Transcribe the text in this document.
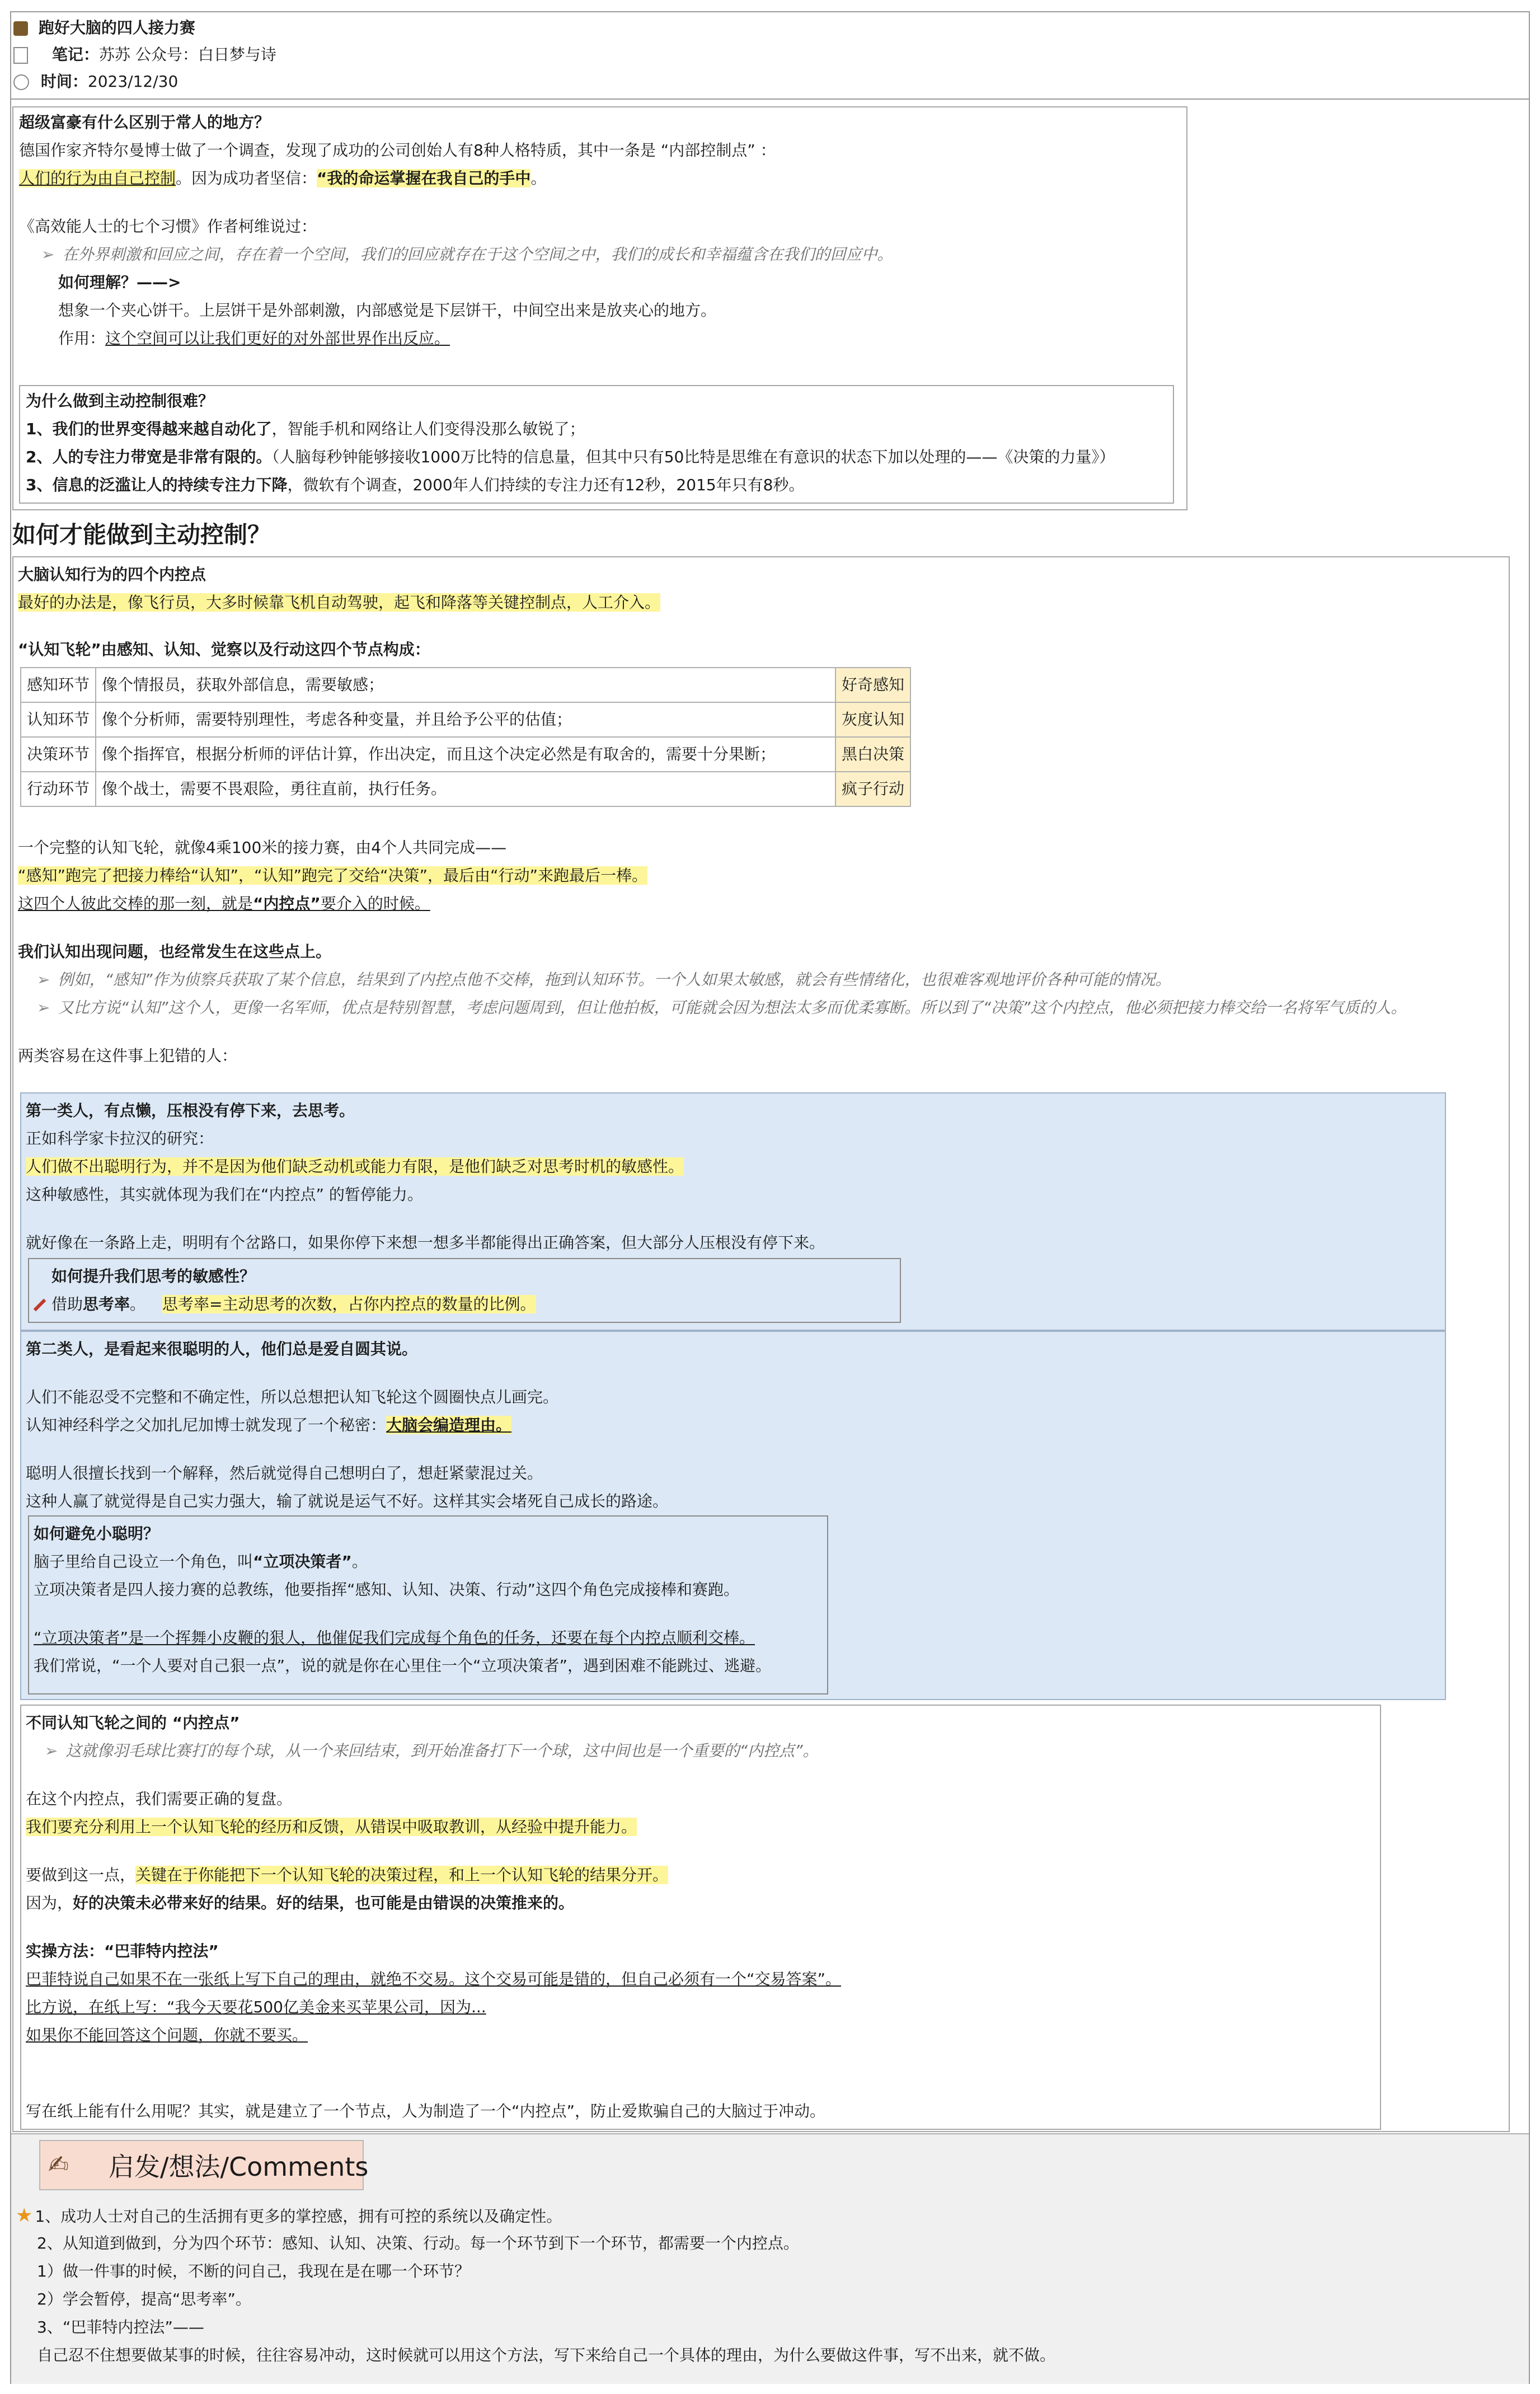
跑好大脑的四人接力赛
笔记：苏苏 公众号：白日梦与诗
时间：2023/12/30
超级富豪有什么区别于常人的地方？
德国作家齐特尔曼博士做了一个调查，发现了成功的公司创始人有8种人格特质，其中一条是 “内部控制点” ：
人们的行为由自己控制。因为成功者坚信：“我的命运掌握在我自己的手中。
《高效能人士的七个习惯》作者柯维说过：
➢ 在外界刺激和回应之间，存在着一个空间，我们的回应就存在于这个空间之中，我们的成长和幸福蕴含在我们的回应中。
如何理解？——>
想象一个夹心饼干。上层饼干是外部刺激，内部感觉是下层饼干，中间空出来是放夹心的地方。
作用：这个空间可以让我们更好的对外部世界作出反应。
为什么做到主动控制很难？
1、我们的世界变得越来越自动化了，智能手机和网络让人们变得没那么敏锐了；
2、人的专注力带宽是非常有限的。（人脑每秒钟能够接收1000万比特的信息量，但其中只有50比特是思维在有意识的状态下加以处理的——《决策的力量》）
3、信息的泛滥让人的持续专注力下降，微软有个调查，2000年人们持续的专注力还有12秒，2015年只有8秒。
如何才能做到主动控制？
大脑认知行为的四个内控点
最好的办法是，像飞行员，大多时候靠飞机自动驾驶，起飞和降落等关键控制点，人工介入。
“认知飞轮”由感知、认知、觉察以及行动这四个节点构成：
感知环节	像个情报员，获取外部信息，需要敏感；	好奇感知
认知环节	像个分析师，需要特别理性，考虑各种变量，并且给予公平的估值；	灰度认知
决策环节	像个指挥官，根据分析师的评估计算，作出决定，而且这个决定必然是有取舍的，需要十分果断；	黑白决策
行动环节	像个战士，需要不畏艰险，勇往直前，执行任务。	疯子行动
一个完整的认知飞轮，就像4乘100米的接力赛，由4个人共同完成——
“感知”跑完了把接力棒给“认知”，“认知”跑完了交给“决策”，最后由“行动”来跑最后一棒。
这四个人彼此交棒的那一刻，就是“内控点”要介入的时候。
我们认知出现问题，也经常发生在这些点上。
➢ 例如，“感知”作为侦察兵获取了某个信息，结果到了内控点他不交棒，拖到认知环节。一个人如果太敏感，就会有些情绪化，也很难客观地评价各种可能的情况。
➢ 又比方说“认知”这个人，更像一名军师，优点是特别智慧，考虑问题周到，但让他拍板，可能就会因为想法太多而优柔寡断。所以到了“决策”这个内控点，他必须把接力棒交给一名将军气质的人。
两类容易在这件事上犯错的人：
第一类人，有点懒，压根没有停下来，去思考。
正如科学家卡拉汉的研究：
人们做不出聪明行为，并不是因为他们缺乏动机或能力有限，是他们缺乏对思考时机的敏感性。
这种敏感性，其实就体现为我们在“内控点” 的暂停能力。
就好像在一条路上走，明明有个岔路口，如果你停下来想一想多半都能得出正确答案，但大部分人压根没有停下来。
如何提升我们思考的敏感性？
借助思考率。 思考率=主动思考的次数，占你内控点的数量的比例。
第二类人，是看起来很聪明的人，他们总是爱自圆其说。
人们不能忍受不完整和不确定性，所以总想把认知飞轮这个圆圈快点儿画完。
认知神经科学之父加扎尼加博士就发现了一个秘密：大脑会编造理由。
聪明人很擅长找到一个解释，然后就觉得自己想明白了，想赶紧蒙混过关。
这种人赢了就觉得是自己实力强大，输了就说是运气不好。这样其实会堵死自己成长的路途。
如何避免小聪明？
脑子里给自己设立一个角色，叫“立项决策者”。
立项决策者是四人接力赛的总教练，他要指挥“感知、认知、决策、行动”这四个角色完成接棒和赛跑。
“立项决策者”是一个挥舞小皮鞭的狠人，他催促我们完成每个角色的任务，还要在每个内控点顺利交棒。
我们常说，“一个人要对自己狠一点”，说的就是你在心里住一个“立项决策者”，遇到困难不能跳过、逃避。
不同认知飞轮之间的 “内控点”
➢ 这就像羽毛球比赛打的每个球，从一个来回结束，到开始准备打下一个球，这中间也是一个重要的“内控点”。
在这个内控点，我们需要正确的复盘。
我们要充分利用上一个认知飞轮的经历和反馈，从错误中吸取教训，从经验中提升能力。
要做到这一点，关键在于你能把下一个认知飞轮的决策过程，和上一个认知飞轮的结果分开。
因为，好的决策未必带来好的结果。好的结果，也可能是由错误的决策推来的。
实操方法：“巴菲特内控法”
巴菲特说自己如果不在一张纸上写下自己的理由，就绝不交易。这个交易可能是错的，但自己必须有一个“交易答案”。
比方说，在纸上写：“我今天要花500亿美金来买苹果公司，因为...
如果你不能回答这个问题，你就不要买。
写在纸上能有什么用呢？其实，就是建立了一个节点，人为制造了一个“内控点”，防止爱欺骗自己的大脑过于冲动。
✍ 启发/想法/Comments
★ 1、成功人士对自己的生活拥有更多的掌控感，拥有可控的系统以及确定性。
2、从知道到做到，分为四个环节：感知、认知、决策、行动。每一个环节到下一个环节，都需要一个内控点。
1）做一件事的时候，不断的问自己，我现在是在哪一个环节？
2）学会暂停，提高“思考率”。
3、“巴菲特内控法”——
自己忍不住想要做某事的时候，往往容易冲动，这时候就可以用这个方法，写下来给自己一个具体的理由，为什么要做这件事，写不出来，就不做。
